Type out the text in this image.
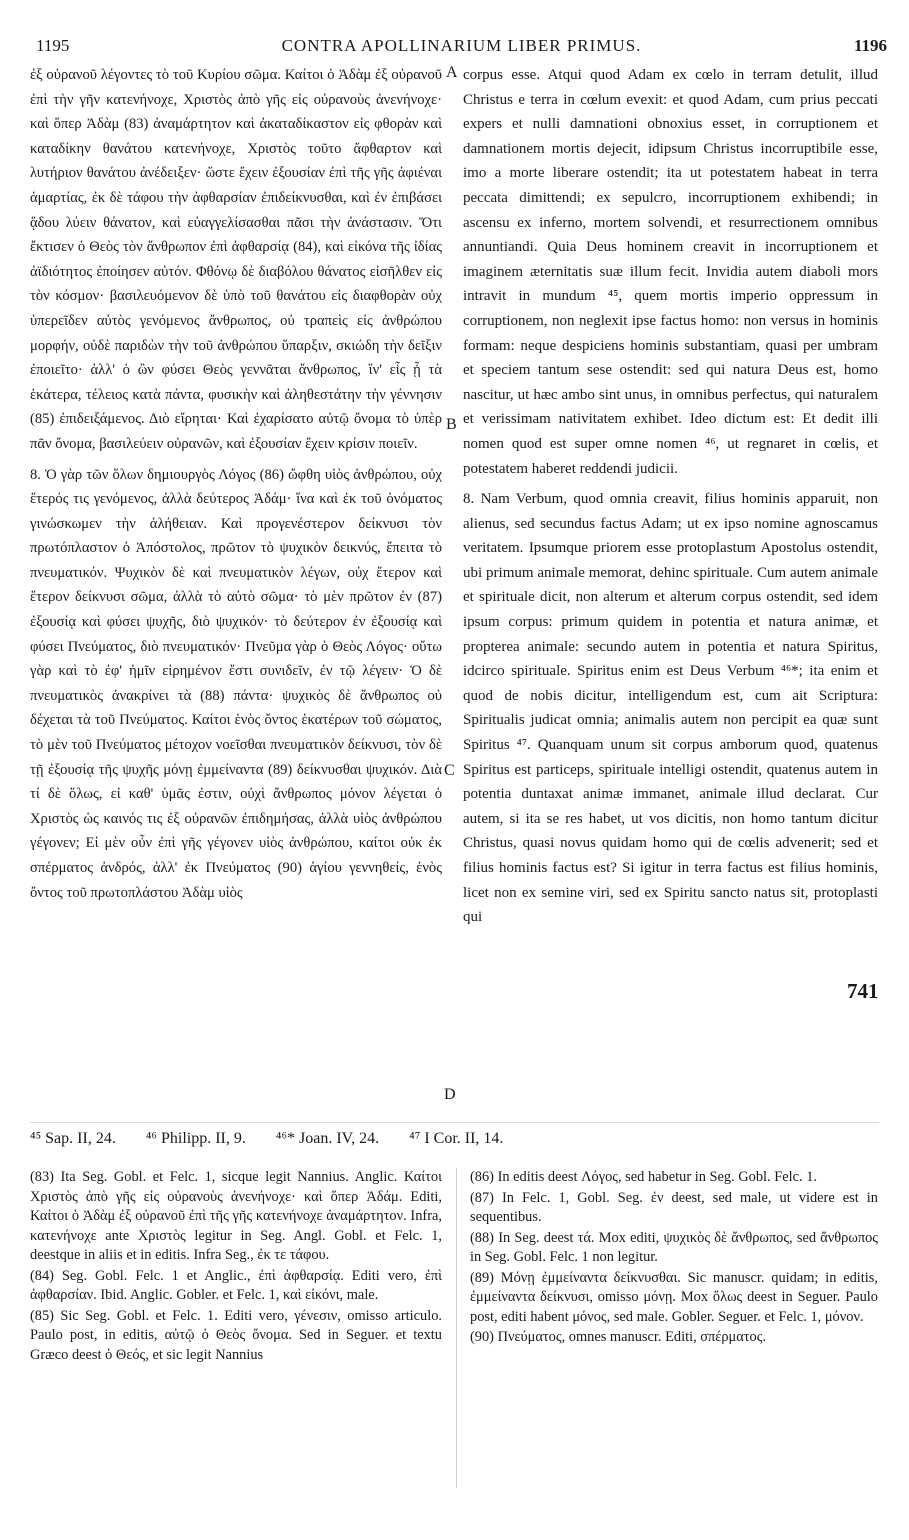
1195	CONTRA APOLLINARIUM LIBER PRIMUS.	1196

ἐξ οὐρανοῦ λέγοντες τὸ τοῦ Κυρίου σῶμα. Καίτοι ὁ Ἀδὰμ ἐξ οὐρανοῦ ἐπὶ τὴν γῆν κατενήνοχε, Χριστὸς ἀπὸ γῆς εἰς οὐρανοὺς ἀνενήνοχε· καὶ ὅπερ Ἀδὰμ (83) ἀναμάρτητον καὶ ἀκαταδίκαστον εἰς φθορὰν καὶ καταδίκην θανάτου κατενήνοχε, Χριστὸς τοῦτο ἄφθαρτον καὶ λυτήριον θανάτου ἀνέδειξεν· ὥστε ἔχειν ἐξουσίαν ἐπὶ τῆς γῆς ἀφιέναι ἁμαρτίας, ἐκ δὲ τάφου τὴν ἀφθαρσίαν ἐπιδείκνυσθαι, καὶ ἐν ἐπιβάσει ᾅδου λύειν θάνατον, καὶ εὐαγγελίσασθαι πᾶσι τὴν ἀνάστασιν. Ὅτι ἔκτισεν ὁ Θεὸς τὸν ἄνθρωπον ἐπὶ ἀφθαρσίᾳ (84), καὶ εἰκόνα τῆς ἰδίας ἀϊδιότητος ἐποίησεν αὐτόν. Φθόνῳ δὲ διαβόλου θάνατος εἰσῆλθεν εἰς τὸν κόσμον· βασιλευόμενον δὲ ὑπὸ τοῦ θανάτου εἰς διαφθορὰν οὐχ ὑπερεῖδεν αὐτὸς γενόμενος ἄνθρωπος, οὐ τραπεὶς εἰς ἀνθρώπου μορφήν, οὐδὲ παριδὼν τὴν τοῦ ἀνθρώπου ὕπαρξιν, σκιώδη τὴν δεῖξιν ἐποιεῖτο· ἀλλ' ὁ ὢν φύσει Θεὸς γεννᾶται ἄνθρωπος, ἵν' εἷς ᾖ τὰ ἑκάτερα, τέλειος κατὰ πάντα, φυσικὴν καὶ ἀληθεστάτην τὴν γέννησιν (85) ἐπιδειξάμενος. Διὸ εἴρηται· Καὶ ἐχαρίσατο αὐτῷ ὄνομα τὸ ὑπὲρ πᾶν ὄνομα, βασιλεύειν οὐρανῶν, καὶ ἐξουσίαν ἔχειν κρίσιν ποιεῖν.

8. Ὁ γὰρ τῶν ὅλων δημιουργὸς Λόγος (86) ὤφθη υἱὸς ἀνθρώπου, οὐχ ἕτερός τις γενόμενος, ἀλλὰ δεύτερος Ἀδάμ· ἵνα καὶ ἐκ τοῦ ὀνόματος γινώσκωμεν τὴν ἀλήθειαν. Καὶ προγενέστερον δείκνυσι τὸν πρωτόπλαστον ὁ Ἀπόστολος, πρῶτον τὸ ψυχικὸν δεικνύς, ἔπειτα τὸ πνευματικόν. Ψυχικὸν δὲ καὶ πνευματικὸν λέγων, οὐχ ἕτερον καὶ ἕτερον δείκνυσι σῶμα, ἀλλὰ τὸ αὐτὸ σῶμα· τὸ μὲν πρῶτον ἐν (87) ἐξουσίᾳ καὶ φύσει ψυχῆς, διὸ ψυχικόν· τὸ δεύτερον ἐν ἐξουσίᾳ καὶ φύσει Πνεύματος, διὸ πνευματικόν· Πνεῦμα γὰρ ὁ Θεὸς Λόγος· οὕτω γὰρ καὶ τὸ ἐφ' ἡμῖν εἰρημένον ἔστι συνιδεῖν, ἐν τῷ λέγειν· Ὁ δὲ πνευματικὸς ἀνακρίνει τὰ (88) πάντα· ψυχικὸς δὲ ἄνθρωπος οὐ δέχεται τὰ τοῦ Πνεύματος. Καίτοι ἑνὸς ὄντος ἑκατέρων τοῦ σώματος, τὸ μὲν τοῦ Πνεύματος μέτοχον νοεῖσθαι πνευματικὸν δείκνυσι, τὸν δὲ τῇ ἐξουσίᾳ τῆς ψυχῆς μόνῃ ἐμμείναντα (89) δείκνυσθαι ψυχικόν. Διὰ τί δὲ ὅλως, εἰ καθ' ὑμᾶς ἐστιν, οὐχὶ ἄνθρωπος μόνον λέγεται ὁ Χριστὸς ὡς καινός τις ἐξ οὐρανῶν ἐπιδημήσας, ἀλλὰ υἱὸς ἀνθρώπου γέγονεν; Εἰ μὲν οὖν ἐπὶ γῆς γέγονεν υἱὸς ἀνθρώπου, καίτοι οὐκ ἐκ σπέρματος ἀνδρός, ἀλλ' ἐκ Πνεύματος (90) ἁγίου γεννηθείς, ἑνὸς ὄντος τοῦ πρωτοπλάστου Ἀδὰμ υἱὸς

A
B
C
D

corpus esse. Atqui quod Adam ex cœlo in terram detulit, illud Christus e terra in cœlum evexit: et quod Adam, cum prius peccati expers et nulli damnationi obnoxius esset, in corruptionem et damnationem mortis dejecit, idipsum Christus incorruptibile esse, imo a morte liberare ostendit; ita ut potestatem habeat in terra peccata dimittendi; ex sepulcro, incorruptionem exhibendi; in ascensu ex inferno, mortem solvendi, et resurrectionem omnibus annuntiandi. Quia Deus hominem creavit in incorruptionem et imaginem æternitatis suæ illum fecit. Invidia autem diaboli mors intravit in mundum ⁴⁵, quem mortis imperio oppressum in corruptionem, non neglexit ipse factus homo: non versus in hominis formam: neque despiciens hominis substantiam, quasi per umbram et speciem tantum sese ostendit: sed qui natura Deus est, homo nascitur, ut hæc ambo sint unus, in omnibus perfectus, qui naturalem et verissimam nativitatem exhibet. Ideo dictum est: Et dedit illi nomen quod est super omne nomen ⁴⁶, ut regnaret in cœlis, et potestatem haberet reddendi judicii.

8. Nam Verbum, quod omnia creavit, filius hominis apparuit, non alienus, sed secundus factus Adam; ut ex ipso nomine agnoscamus veritatem. Ipsumque priorem esse protoplastum Apostolus ostendit, ubi primum animale memorat, dehinc spirituale. Cum autem animale et spirituale dicit, non alterum et alterum corpus ostendit, sed idem ipsum corpus: primum quidem in potentia et natura animæ, et propterea animale: secundo autem in potentia et natura Spiritus, idcirco spirituale. Spiritus enim est Deus Verbum ⁴⁶*; ita enim et quod de nobis dicitur, intelligendum est, cum ait Scriptura: Spiritualis judicat omnia; animalis autem non percipit ea quæ sunt Spiritus ⁴⁷. Quanquam unum sit corpus amborum quod, quatenus Spiritus est particeps, spirituale intelligi ostendit, quatenus autem in potentia duntaxat animæ immanet, animale illud declarat. Cur autem, si ita se res habet, ut vos dicitis, non homo tantum dicitur Christus, quasi novus quidam homo qui de cœlis advenerit; sed et filius hominis factus est? Si igitur in terra factus est filius hominis, licet non ex semine viri, sed ex Spiritu sancto natus sit, protoplasti qui

741
⁴⁵ Sap. II, 24. ⁴⁶ Philipp. II, 9. ⁴⁶* Joan. IV, 24. ⁴⁷ I Cor. II, 14.

(83) Ita Seg. Gobl. et Felc. 1, sicque legit Nannius. Anglic. Καίτοι Χριστὸς ἀπὸ γῆς εἰς οὐρανοὺς ἀνενήνοχε· καὶ ὅπερ Ἀδάμ. Editi, Καίτοι ὁ Ἀδὰμ ἐξ οὐρανοῦ ἐπὶ τῆς γῆς κατενήνοχε ἀναμάρτητον. Infra, κατενήνοχε ante Χριστὸς legitur in Seg. Angl. Gobl. et Felc. 1, deestque in aliis et in editis. Infra Seg., ἐκ τε τάφου.

(84) Seg. Gobl. Felc. 1 et Anglic., ἐπὶ ἀφθαρσίᾳ. Editi vero, ἐπὶ ἀφθαρσίαν. Ibid. Anglic. Gobler. et Felc. 1, καὶ εἰκόνι, male.

(85) Sic Seg. Gobl. et Felc. 1. Editi vero, γένεσιν, omisso articulo. Paulo post, in editis, αὐτῷ ὁ Θεὸς ὄνομα. Sed in Seguer. et textu Græco deest ὁ Θεός, et sic legit Nannius

(86) In editis deest Λόγος, sed habetur in Seg. Gobl. Felc. 1.

(87) In Felc. 1, Gobl. Seg. ἐν deest, sed male, ut videre est in sequentibus.

(88) In Seg. deest τά. Mox editi, ψυχικὸς δὲ ἄνθρωπος, sed ἄνθρωπος in Seg. Gobl. Felc. 1 non legitur.

(89) Μόνῃ ἐμμείναντα δείκνυσθαι. Sic manuscr. quidam; in editis, ἐμμείναντα δείκνυσι, omisso μόνῃ. Mox ὅλως deest in Seguer. Paulo post, editi habent μόνος, sed male. Gobler. Seguer. et Felc. 1, μόνον.

(90) Πνεύματος, omnes manuscr. Editi, σπέρματος.
